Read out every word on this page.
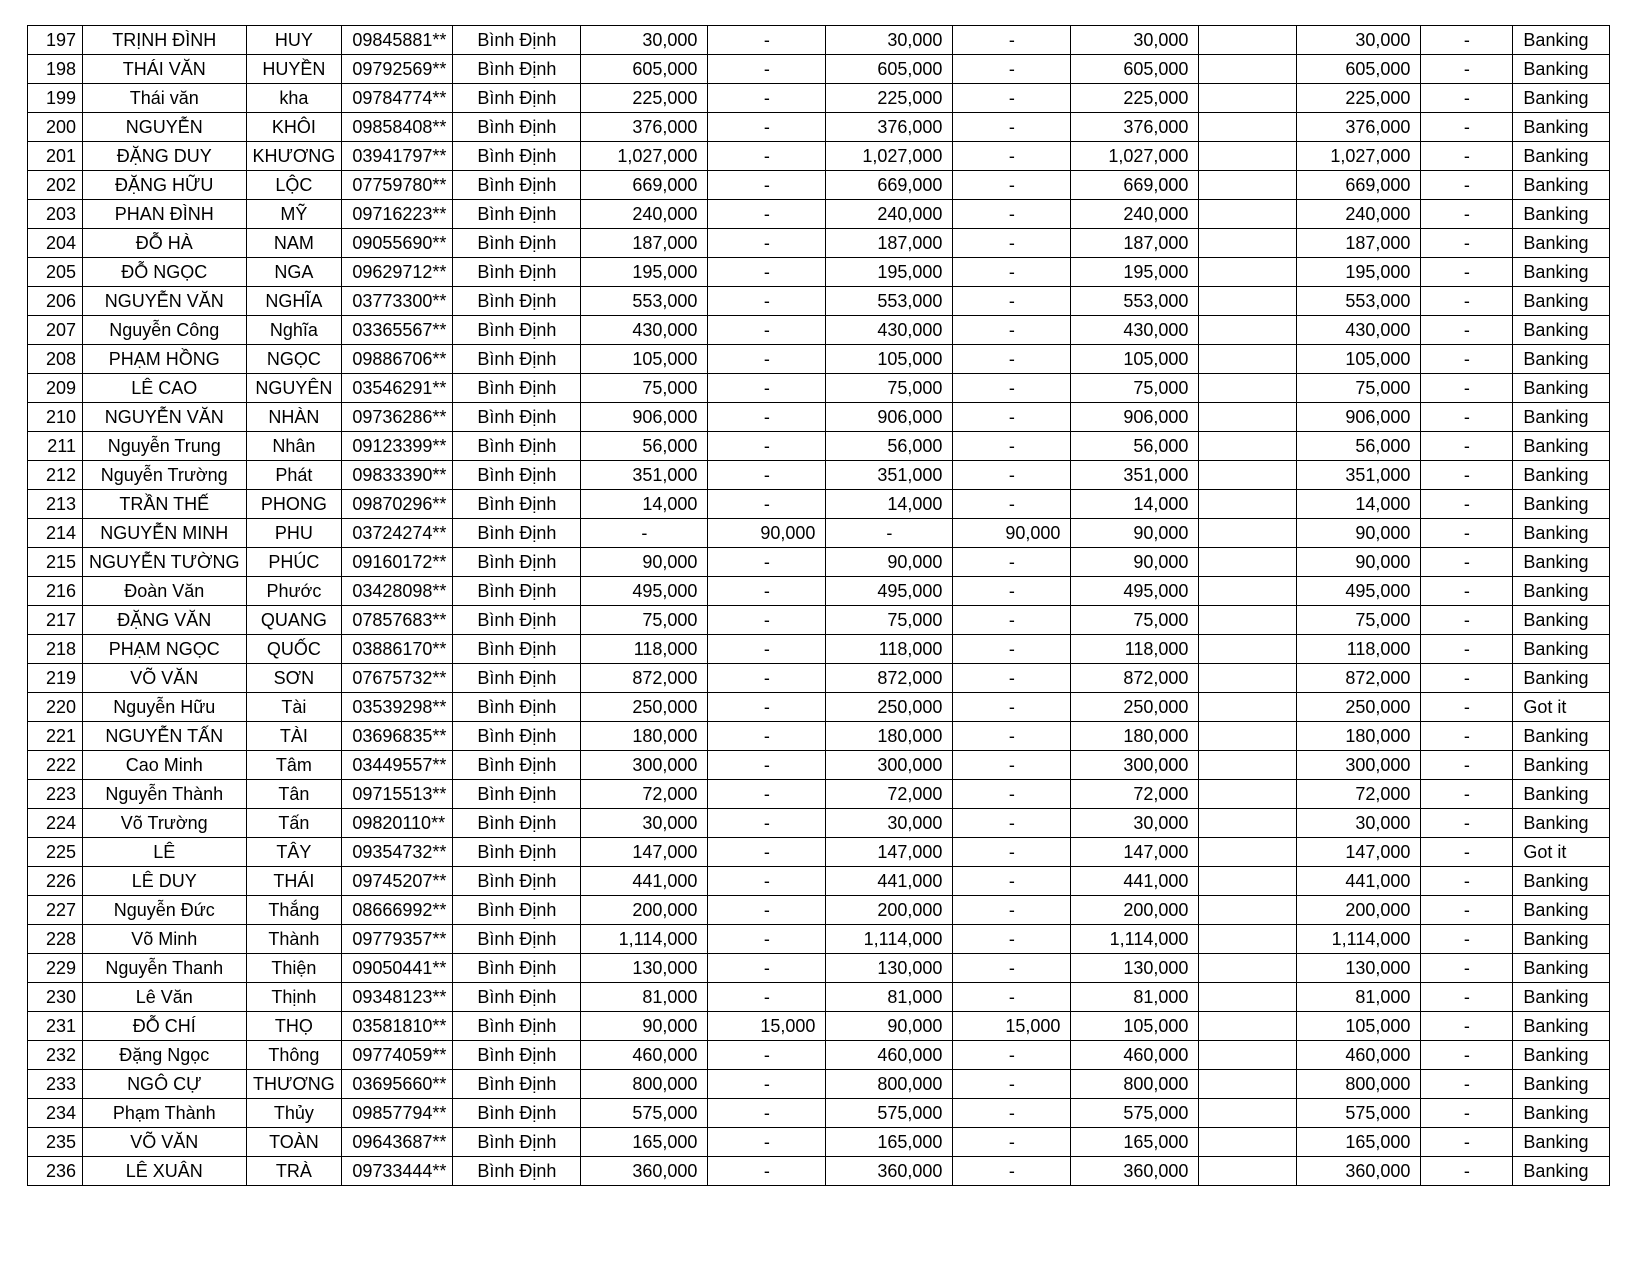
197	TRỊNH ĐÌNH	HUY	09845881**	Bình Định	30,000	-	30,000	-	30,000		30,000	-	Banking
198	THÁI VĂN	HUYỀN	09792569**	Bình Định	605,000	-	605,000	-	605,000		605,000	-	Banking
199	Thái văn	kha	09784774**	Bình Định	225,000	-	225,000	-	225,000		225,000	-	Banking
200	NGUYỄN	KHÔI	09858408**	Bình Định	376,000	-	376,000	-	376,000		376,000	-	Banking
201	ĐẶNG DUY	KHƯƠNG	03941797**	Bình Định	1,027,000	-	1,027,000	-	1,027,000		1,027,000	-	Banking
202	ĐẶNG HỮU	LỘC	07759780**	Bình Định	669,000	-	669,000	-	669,000		669,000	-	Banking
203	PHAN ĐÌNH	MỸ	09716223**	Bình Định	240,000	-	240,000	-	240,000		240,000	-	Banking
204	ĐỖ HÀ	NAM	09055690**	Bình Định	187,000	-	187,000	-	187,000		187,000	-	Banking
205	ĐỖ NGỌC	NGA	09629712**	Bình Định	195,000	-	195,000	-	195,000		195,000	-	Banking
206	NGUYỄN VĂN	NGHĨA	03773300**	Bình Định	553,000	-	553,000	-	553,000		553,000	-	Banking
207	Nguyễn Công	Nghĩa	03365567**	Bình Định	430,000	-	430,000	-	430,000		430,000	-	Banking
208	PHẠM HỒNG	NGỌC	09886706**	Bình Định	105,000	-	105,000	-	105,000		105,000	-	Banking
209	LÊ CAO	NGUYÊN	03546291**	Bình Định	75,000	-	75,000	-	75,000		75,000	-	Banking
210	NGUYỄN VĂN	NHÀN	09736286**	Bình Định	906,000	-	906,000	-	906,000		906,000	-	Banking
211	Nguyễn Trung	Nhân	09123399**	Bình Định	56,000	-	56,000	-	56,000		56,000	-	Banking
212	Nguyễn Trường	Phát	09833390**	Bình Định	351,000	-	351,000	-	351,000		351,000	-	Banking
213	TRẦN THẾ	PHONG	09870296**	Bình Định	14,000	-	14,000	-	14,000		14,000	-	Banking
214	NGUYỄN MINH	PHU	03724274**	Bình Định	-	90,000	-	90,000	90,000		90,000	-	Banking
215	NGUYỄN TƯỜNG	PHÚC	09160172**	Bình Định	90,000	-	90,000	-	90,000		90,000	-	Banking
216	Đoàn Văn	Phước	03428098**	Bình Định	495,000	-	495,000	-	495,000		495,000	-	Banking
217	ĐẶNG VĂN	QUANG	07857683**	Bình Định	75,000	-	75,000	-	75,000		75,000	-	Banking
218	PHẠM NGỌC	QUỐC	03886170**	Bình Định	118,000	-	118,000	-	118,000		118,000	-	Banking
219	VÕ VĂN	SƠN	07675732**	Bình Định	872,000	-	872,000	-	872,000		872,000	-	Banking
220	Nguyễn Hữu	Tài	03539298**	Bình Định	250,000	-	250,000	-	250,000		250,000	-	Got it
221	NGUYỄN TẤN	TÀI	03696835**	Bình Định	180,000	-	180,000	-	180,000		180,000	-	Banking
222	Cao Minh	Tâm	03449557**	Bình Định	300,000	-	300,000	-	300,000		300,000	-	Banking
223	Nguyễn Thành	Tân	09715513**	Bình Định	72,000	-	72,000	-	72,000		72,000	-	Banking
224	Võ Trường	Tấn	09820110**	Bình Định	30,000	-	30,000	-	30,000		30,000	-	Banking
225	LÊ	TÂY	09354732**	Bình Định	147,000	-	147,000	-	147,000		147,000	-	Got it
226	LÊ DUY	THÁI	09745207**	Bình Định	441,000	-	441,000	-	441,000		441,000	-	Banking
227	Nguyễn Đức	Thắng	08666992**	Bình Định	200,000	-	200,000	-	200,000		200,000	-	Banking
228	Võ Minh	Thành	09779357**	Bình Định	1,114,000	-	1,114,000	-	1,114,000		1,114,000	-	Banking
229	Nguyễn Thanh	Thiện	09050441**	Bình Định	130,000	-	130,000	-	130,000		130,000	-	Banking
230	Lê Văn	Thịnh	09348123**	Bình Định	81,000	-	81,000	-	81,000		81,000	-	Banking
231	ĐỖ CHÍ	THỌ	03581810**	Bình Định	90,000	15,000	90,000	15,000	105,000		105,000	-	Banking
232	Đặng Ngọc	Thông	09774059**	Bình Định	460,000	-	460,000	-	460,000		460,000	-	Banking
233	NGÔ CỰ	THƯƠNG	03695660**	Bình Định	800,000	-	800,000	-	800,000		800,000	-	Banking
234	Phạm Thành	Thủy	09857794**	Bình Định	575,000	-	575,000	-	575,000		575,000	-	Banking
235	VÕ VĂN	TOÀN	09643687**	Bình Định	165,000	-	165,000	-	165,000		165,000	-	Banking
236	LÊ XUÂN	TRÀ	09733444**	Bình Định	360,000	-	360,000	-	360,000		360,000	-	Banking
